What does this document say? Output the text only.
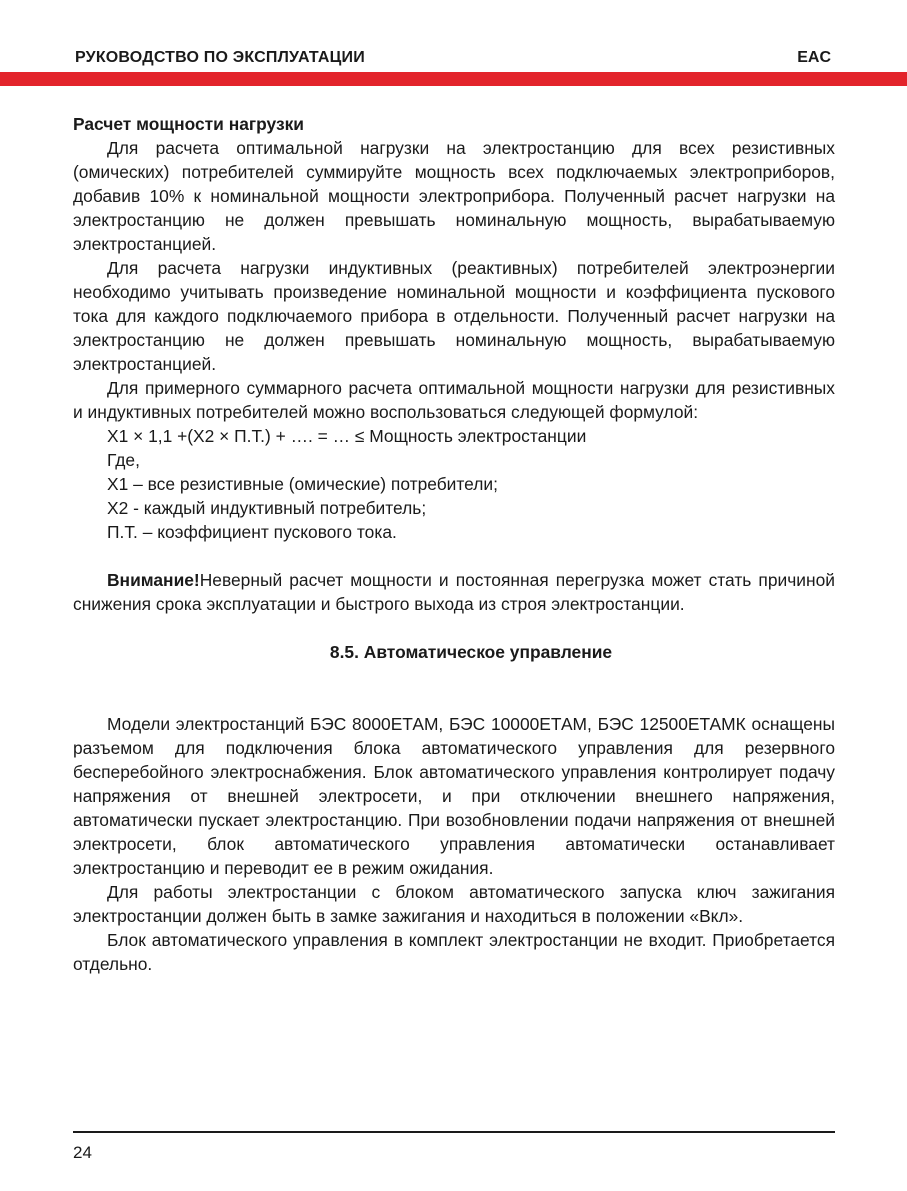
РУКОВОДСТВО ПО ЭКСПЛУАТАЦИИ	EAC

Расчет мощности нагрузки

Для расчета оптимальной нагрузки на электростанцию для всех резистивных (омических) потребителей суммируйте мощность всех подключаемых электроприборов, добавив 10% к номинальной мощности электроприбора. Полученный расчет нагрузки на электростанцию не должен превышать номинальную мощность, вырабатываемую электростанцией.

Для расчета нагрузки индуктивных (реактивных) потребителей электроэнергии необходимо учитывать произведение номинальной мощности и коэффициента пускового тока для каждого подключаемого прибора в отдельности. Полученный расчет нагрузки на электростанцию не должен превышать номинальную мощность, вырабатываемую электростанцией.

Для примерного суммарного расчета оптимальной мощности нагрузки для резистивных и индуктивных потребителей можно воспользоваться следующей формулой:

Х1 × 1,1 +(Х2 × П.Т.) + …. = … ≤ Мощность электростанции

Где,

Х1 – все резистивные (омические) потребители;

Х2 - каждый индуктивный потребитель;

П.Т. – коэффициент пускового тока.

Внимание!Неверный расчет мощности и постоянная перегрузка может стать причиной снижения срока эксплуатации и быстрого выхода из строя электростанции.

8.5. Автоматическое управление

Модели электростанций БЭС 8000ЕТАМ, БЭС 10000ЕТАМ, БЭС 12500ЕТАМК оснащены разъемом для подключения блока автоматического управления для резервного бесперебойного электроснабжения. Блок автоматического управления контролирует подачу напряжения от внешней электросети, и при отключении внешнего напряжения, автоматически пускает электростанцию. При возобновлении подачи напряжения от внешней электросети, блок автоматического управления автоматически останавливает электростанцию и переводит ее в режим ожидания.

Для работы электростанции с блоком автоматического запуска ключ зажигания электростанции должен быть в замке зажигания и находиться в положении «Вкл».

Блок автоматического управления в комплект электростанции не входит. Приобретается отдельно.

24
